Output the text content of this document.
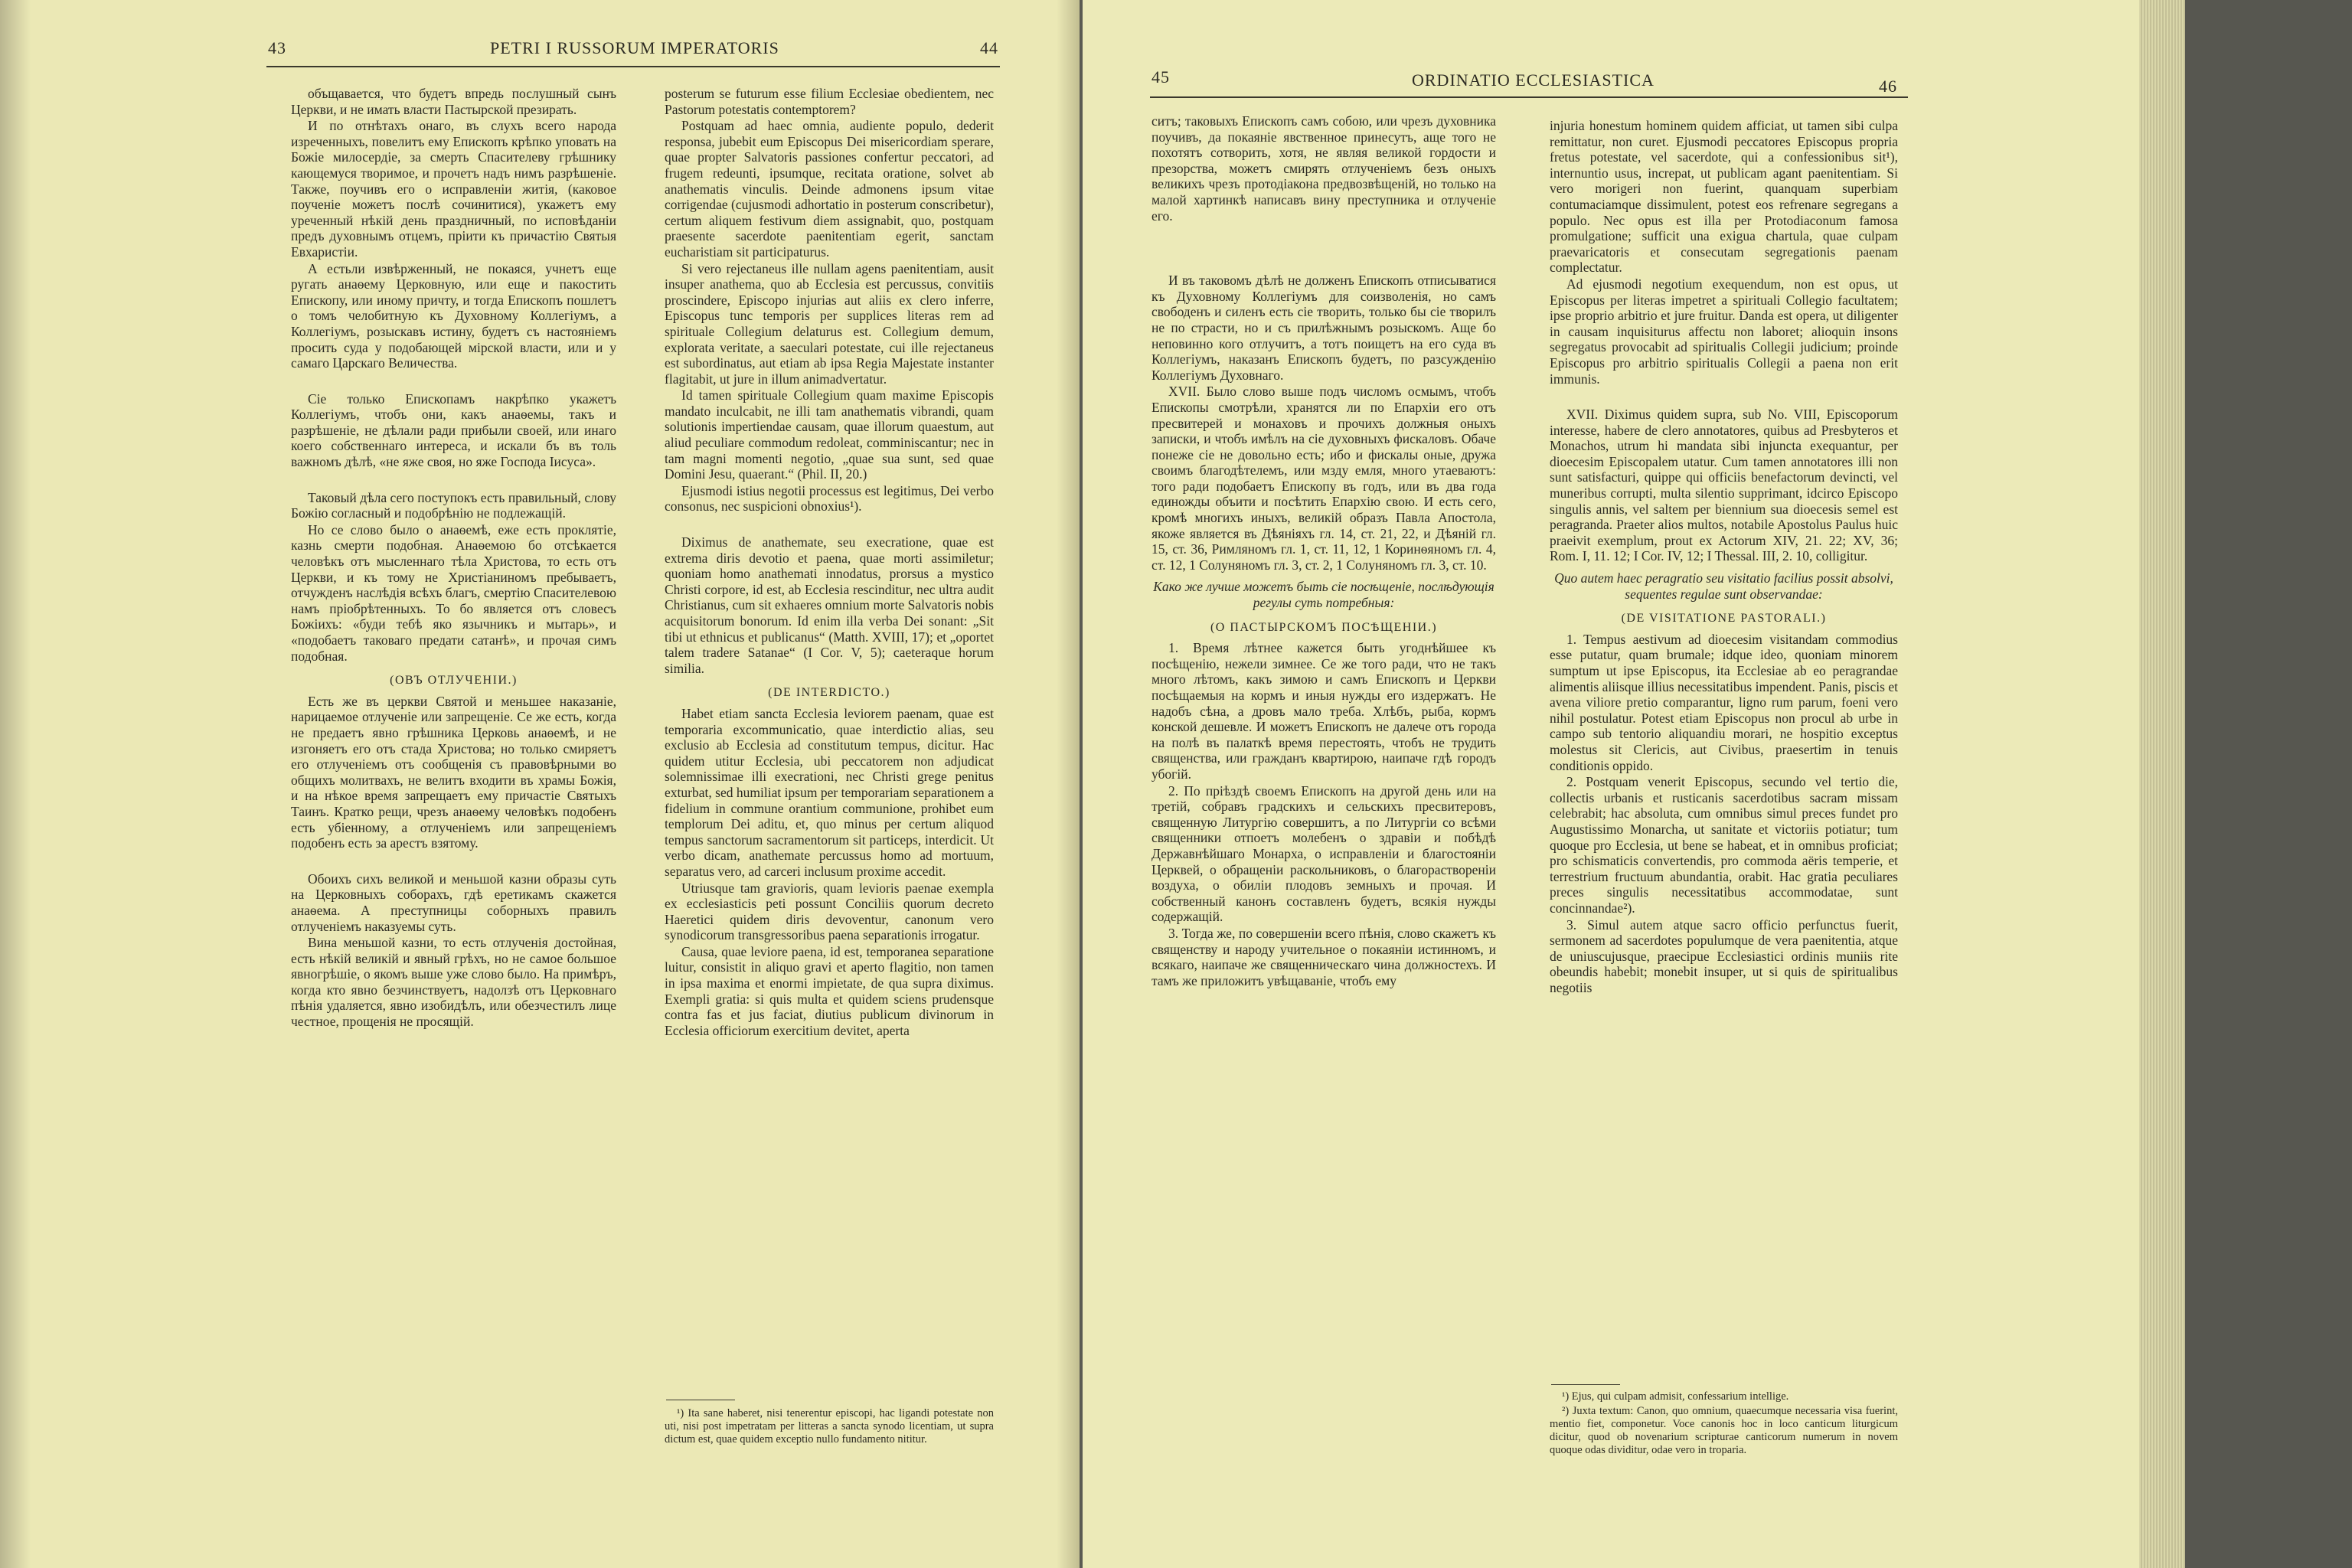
43	PETRI I RUSSORUM IMPERATORIS	44

объщавается, что будетъ впредь послушный сынъ Церкви, и не имать власти Пастырской презирать.

И по отнѣтахъ онаго, въ слухъ всего народа изреченныхъ, повелитъ ему Епископъ крѣпко уповать на Божіе милосердіе, за смерть Спасителеву грѣшнику кающемуся творимое, и прочетъ надъ нимъ разрѣшеніе. Также, поучивъ его о исправленіи житія, (каковое поученіе можетъ послѣ сочинитися), укажетъ ему уреченный нѣкій день праздничный, по исповѣданіи предъ духовнымъ отцемъ, пріити къ причастію Святыя Евхаристіи.

А естьли извѣрженный, не покаяся, учнетъ еще ругать анаѳему Церковную, или еще и пакостить Епископу, или иному причту, и тогда Епископъ пошлетъ о томъ челобитную къ Духовному Коллегіумъ, а Коллегіумъ, розыскавъ истину, будетъ съ настояніемъ просить суда у подобающей мірской власти, или и у самаго Царскаго Величества.

Сіе только Епископамъ накрѣпко укажетъ Коллегіумъ, чтобъ они, какъ анаѳемы, такъ и разрѣшеніе, не дѣлали ради прибыли своей, или инаго коего собственнаго интереса, и искали бъ въ толь важномъ дѣлѣ, «не яже своя, но яже Господа Іисуса».

Таковый дѣла сего поступокъ есть правильный, слову Божію согласный и подобрѣнію не подлежащій.

Но се слово было о анаѳемѣ, еже есть проклятіе, казнь смерти подобная. Анаѳемою бо отсѣкается человѣкъ отъ мысленнаго тѣла Христова, то есть отъ Церкви, и къ тому не Христіаниномъ пребываетъ, отчужденъ наслѣдія всѣхъ благъ, смертію Спасителевою намъ пріобрѣтенныхъ. То бо является отъ словесъ Божіихъ: «буди тебѣ яко язычникъ и мытарь», и «подобаетъ таковаго предати сатанѣ», и прочая симъ подобная.

(ОВЪ ОТЛУЧЕНІИ.)

Есть же въ церкви Святой и меньшее наказаніе, нарицаемое отлученіе или запрещеніе. Се же есть, когда не предаетъ явно грѣшника Церковь анаѳемѣ, и не изгоняетъ его отъ стада Христова; но только смиряетъ его отлученіемъ отъ сообщенія съ правовѣрными во общихъ молитвахъ, не велитъ входити въ храмы Божія, и на нѣкое время запрещаетъ ему причастіе Святыхъ Таинъ. Кратко рещи, чрезъ анаѳему человѣкъ подобенъ есть убіенному, а отлученіемъ или запрещеніемъ подобенъ есть за арестъ взятому.

Обоихъ сихъ великой и меньшой казни образы суть на Церковныхъ соборахъ, гдѣ еретикамъ скажется анаѳема. А преступницы соборныхъ правилъ отлученіемъ наказуемы суть.

Вина меньшой казни, то есть отлученія достойная, есть нѣкій великій и явный грѣхъ, но не самое большое явногрѣшіе, о якомъ выше уже слово было. На примѣръ, когда кто явно безчинствуетъ, надолзѣ отъ Церковнаго пѣнія удаляется, явно изобидѣлъ, или обезчестилъ лице честное, прощенія не просящій.

posterum se futurum esse filium Ecclesiae obedientem, nec Pastorum potestatis contemptorem?

Postquam ad haec omnia, audiente populo, dederit responsa, jubebit eum Episcopus Dei misericordiam sperare, quae propter Salvatoris passiones confertur peccatori, ad frugem redeunti, ipsumque, recitata oratione, solvet ab anathematis vinculis. Deinde admonens ipsum vitae corrigendae (cujusmodi adhortatio in posterum conscribetur), certum aliquem festivum diem assignabit, quo, postquam praesente sacerdote paenitentiam egerit, sanctam eucharistiam sit participaturus.

Si vero rejectaneus ille nullam agens paenitentiam, ausit insuper anathema, quo ab Ecclesia est percussus, convitiis proscindere, Episcopo injurias aut aliis ex clero inferre, Episcopus tunc temporis per supplices literas rem ad spirituale Collegium delaturus est. Collegium demum, explorata veritate, a saeculari potestate, cui ille rejectaneus est subordinatus, aut etiam ab ipsa Regia Majestate instanter flagitabit, ut jure in illum animadvertatur.

Id tamen spirituale Collegium quam maxime Episcopis mandato inculcabit, ne illi tam anathematis vibrandi, quam solutionis impertiendae causam, quae illorum quaestum, aut aliud peculiare commodum redoleat, comminiscantur; nec in tam magni momenti negotio, „quae sua sunt, sed quae Domini Jesu, quaerant.“ (Phil. II, 20.)

Ejusmodi istius negotii processus est legitimus, Dei verbo consonus, nec suspicioni obnoxius¹).

Diximus de anathemate, seu execratione, quae est extrema diris devotio et paena, quae morti assimiletur; quoniam homo anathemati innodatus, prorsus a mystico Christi corpore, id est, ab Ecclesia rescinditur, nec ultra audit Christianus, cum sit exhaeres omnium morte Salvatoris nobis acquisitorum bonorum. Id enim illa verba Dei sonant: „Sit tibi ut ethnicus et publicanus“ (Matth. XVIII, 17); et „oportet talem tradere Satanae“ (I Cor. V, 5); caeteraque horum similia.

(DE INTERDICTO.)

Habet etiam sancta Ecclesia leviorem paenam, quae est temporaria excommunicatio, quae interdictio alias, seu exclusio ab Ecclesia ad constitutum tempus, dicitur. Hac quidem utitur Ecclesia, ubi peccatorem non adjudicat solemnissimae illi execrationi, nec Christi grege penitus exturbat, sed humiliat ipsum per temporariam separationem a fidelium in commune orantium communione, prohibet eum templorum Dei aditu, et, quo minus per certum aliquod tempus sanctorum sacramentorum sit particeps, interdicit. Ut verbo dicam, anathemate percussus homo ad mortuum, separatus vero, ad carceri inclusum proxime accedit.

Utriusque tam gravioris, quam levioris paenae exempla ex ecclesiasticis peti possunt Conciliis quorum decreto Haeretici quidem diris devoventur, canonum vero synodicorum transgressoribus paena separationis irrogatur.

Causa, quae leviore paena, id est, temporanea separatione luitur, consistit in aliquo gravi et aperto flagitio, non tamen in ipsa maxima et enormi impietate, de qua supra diximus. Exempli gratia: si quis multa et quidem sciens prudensque contra fas et jus faciat, diutius publicum divinorum in Ecclesia officiorum exercitium devitet, aperta

¹) Ita sane haberet, nisi tenerentur episcopi, hac ligandi potestate non uti, nisi post impetratam per litteras a sancta synodo licentiam, ut supra dictum est, quae quidem exceptio nullo fundamento nititur.

45	ORDINATIO ECCLESIASTICA	46

ситъ; таковыхъ Епископъ самъ собою, или чрезъ духовника поучивъ, да покаяніе явственное принесутъ, аще того не похотятъ сотворить, хотя, не являя великой гордости и презорства, можетъ смирять отлученіемъ безъ оныхъ великихъ чрезъ протодіакона предвозвѣщеній, но только на малой хартинкѣ написавъ вину преступника и отлученіе его.

И въ таковомъ дѣлѣ не долженъ Епископъ отписыватися къ Духовному Коллегіумъ для соизволенія, но самъ свободенъ и силенъ есть сіе творить, только бы сіе творилъ не по страсти, но и съ прилѣжнымъ розыскомъ. Аще бо неповинно кого отлучитъ, а тотъ поищетъ на его суда въ Коллегіумъ, наказанъ Епископъ будетъ, по разсужденію Коллегіумъ Духовнаго.

XVII. Было слово выше подъ числомъ осмымъ, чтобъ Епископы смотрѣли, хранятся ли по Епархіи его отъ пресвитерей и монаховъ и прочихъ должныя оныхъ записки, и чтобъ имѣлъ на сіе духовныхъ фискаловъ. Обаче понеже сіе не довольно есть; ибо и фискалы оные, дружа своимъ благодѣтелемъ, или мзду емля, много утаеваютъ: того ради подобаетъ Епископу въ годъ, или въ два года единожды объити и посѣтить Епархію свою. И есть сего, кромѣ многихъ иныхъ, великій образъ Павла Апостола, якоже является въ Дѣяніяхъ гл. 14, ст. 21, 22, и Дѣяній гл. 15, ст. 36, Римляномъ гл. 1, ст. 11, 12, 1 Коринѳяномъ гл. 4, ст. 12, 1 Солуняномъ гл. 3, ст. 2, 1 Солуняномъ гл. 3, ст. 10.

Како же лучше можетъ быть сіе посѣщеніе, послѣдующія регулы суть потребныя:

(О ПАСТЫРСКОМЪ ПОСѢЩЕНІИ.)

1. Время лѣтнее кажется быть угоднѣйшее къ посѣщенію, нежели зимнее. Се же того ради, что не такъ много лѣтомъ, какъ зимою и самъ Епископъ и Церкви посѣщаемыя на кормъ и иныя нужды его издержатъ. Не надобъ сѣна, а дровъ мало треба. Хлѣбъ, рыба, кормъ конской дешевле. И можетъ Епископъ не далече отъ города на полѣ въ палаткѣ время перестоять, чтобъ не трудить священства, или гражданъ квартирою, наипаче гдѣ городъ убогій.

2. По пріѣздѣ своемъ Епископъ на другой день или на третій, собравъ градскихъ и сельскихъ пресвитеровъ, священную Литургію совершитъ, а по Литургіи со всѣми священники отпоетъ молебенъ о здравіи и побѣдѣ Державнѣйшаго Монарха, о исправленіи и благостояніи Церквей, о обращеніи раскольниковъ, о благораствореніи воздуха, о обиліи плодовъ земныхъ и прочая. И собственный канонъ составленъ будетъ, всякія нужды содержащій.

3. Тогда же, по совершеніи всего пѣнія, слово скажетъ къ священству и народу учительное о покаяніи истинномъ, и всякаго, наипаче же священническаго чина должностехъ. И тамъ же приложитъ увѣщаваніе, чтобъ ему

injuria honestum hominem quidem afficiat, ut tamen sibi culpa remittatur, non curet. Ejusmodi peccatores Episcopus propria fretus potestate, vel sacerdote, qui a confessionibus sit¹), internuntio usus, increpat, ut publicam agant paenitentiam. Si vero morigeri non fuerint, quanquam superbiam contumaciamque dissimulent, potest eos refrenare segregans a populo. Nec opus est illa per Protodiaconum famosa promulgatione; sufficit una exigua chartula, quae culpam praevaricatoris et consecutam segregationis paenam complectatur.

Ad ejusmodi negotium exequendum, non est opus, ut Episcopus per literas impetret a spirituali Collegio facultatem; ipse proprio arbitrio et jure fruitur. Danda est opera, ut diligenter in causam inquisiturus affectu non laboret; alioquin insons segregatus provocabit ad spiritualis Collegii judicium; proinde Episcopus pro arbitrio spiritualis Collegii a paena non erit immunis.

XVII. Diximus quidem supra, sub No. VIII, Episcoporum interesse, habere de clero annotatores, quibus ad Presbyteros et Monachos, utrum hi mandata sibi injuncta exequantur, per dioecesim Episcopalem utatur. Cum tamen annotatores illi non sunt satisfacturi, quippe qui officiis benefactorum devincti, vel muneribus corrupti, multa silentio supprimant, idcirco Episcopo singulis annis, vel saltem per biennium sua dioecesis semel est peragranda. Praeter alios multos, notabile Apostolus Paulus huic praeivit exemplum, prout ex Actorum XIV, 21. 22; XV, 36; Rom. I, 11. 12; I Cor. IV, 12; I Thessal. III, 2. 10, colligitur.

Quo autem haec peragratio seu visitatio facilius possit absolvi, sequentes regulae sunt observandae:

(DE VISITATIONE PASTORALI.)

1. Tempus aestivum ad dioecesim visitandam commodius esse putatur, quam brumale; idque ideo, quoniam minorem sumptum ut ipse Episcopus, ita Ecclesiae ab eo peragrandae alimentis aliisque illius necessitatibus impendent. Panis, piscis et avena viliore pretio comparantur, ligno rum parum, foeni vero nihil postulatur. Potest etiam Episcopus non procul ab urbe in campo sub tentorio aliquandiu morari, ne hospitio exceptus molestus sit Clericis, aut Civibus, praesertim in tenuis conditionis oppido.

2. Postquam venerit Episcopus, secundo vel tertio die, collectis urbanis et rusticanis sacerdotibus sacram missam celebrabit; hac absoluta, cum omnibus simul preces fundet pro Augustissimo Monarcha, ut sanitate et victoriis potiatur; tum quoque pro Ecclesia, ut bene se habeat, et in omnibus proficiat; pro schismaticis convertendis, pro commoda aëris temperie, et terrestrium fructuum abundantia, orabit. Hac gratia peculiares preces singulis necessitatibus accommodatae, sunt concinnandae²).

3. Simul autem atque sacro officio perfunctus fuerit, sermonem ad sacerdotes populumque de vera paenitentia, atque de uniuscujusque, praecipue Ecclesiastici ordinis muniis rite obeundis habebit; monebit insuper, ut si quis de spiritualibus negotiis

¹) Ejus, qui culpam admisit, confessarium intellige.

²) Juxta textum: Canon, quo omnium, quaecumque necessaria visa fuerint, mentio fiet, componetur. Voce canonis hoc in loco canticum liturgicum dicitur, quod ob novenarium scripturae canticorum numerum in novem quoque odas dividitur, odae vero in troparia.
